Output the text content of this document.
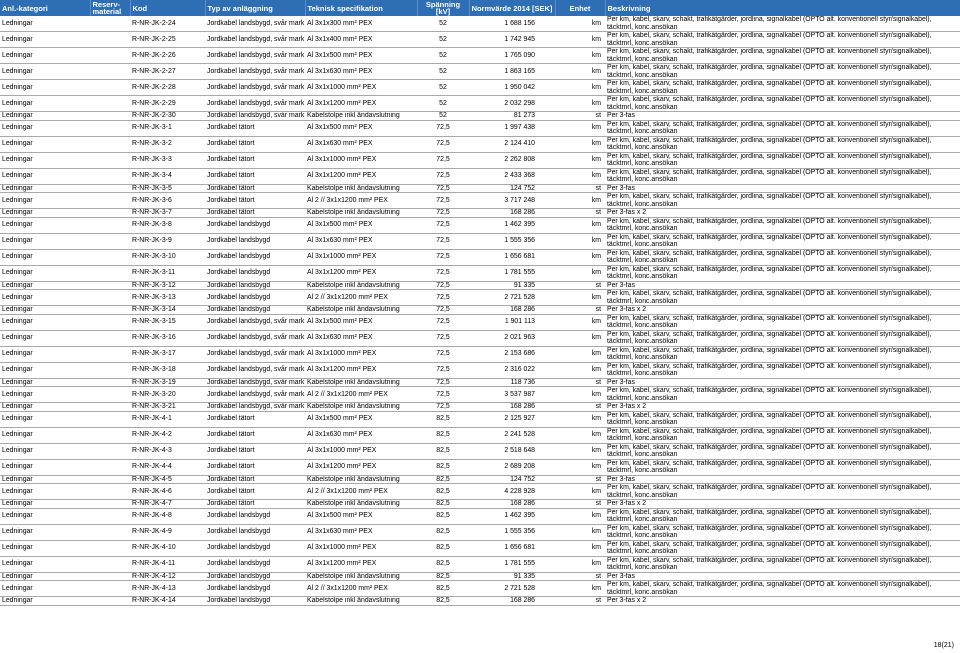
Anl.-kategori	Reserv-
material	Kod	Typ av anläggning	Teknisk specifikation	Spänning [kV]	Normvärde 2014 [SEK]	Enhet	Beskrivning
Ledningar		R-NR-JK-2-24	Jordkabel landsbygd, svår mark	Al 3x1x300 mm² PEX	52	1 688 156	km	Per km, kabel, skarv, schakt, trafikåtgärder, jordlina, signalkabel (OPTO alt. konventionell styr/signalkabel), täcktmrl, konc.ansökan
Ledningar		R-NR-JK-2-25	Jordkabel landsbygd, svår mark	Al 3x1x400 mm² PEX	52	1 742 945	km	Per km, kabel, skarv, schakt, trafikåtgärder, jordlina, signalkabel (OPTO alt. konventionell styr/signalkabel), täcktmrl, konc.ansökan
Ledningar		R-NR-JK-2-26	Jordkabel landsbygd, svår mark	Al 3x1x500 mm² PEX	52	1 765 090	km	Per km, kabel, skarv, schakt, trafikåtgärder, jordlina, signalkabel (OPTO alt. konventionell styr/signalkabel), täcktmrl, konc.ansökan
Ledningar		R-NR-JK-2-27	Jordkabel landsbygd, svår mark	Al 3x1x630 mm² PEX	52	1 863 165	km	Per km, kabel, skarv, schakt, trafikåtgärder, jordlina, signalkabel (OPTO alt. konventionell styr/signalkabel), täcktmrl, konc.ansökan
Ledningar		R-NR-JK-2-28	Jordkabel landsbygd, svår mark	Al 3x1x1000 mm² PEX	52	1 950 042	km	Per km, kabel, skarv, schakt, trafikåtgärder, jordlina, signalkabel (OPTO alt. konventionell styr/signalkabel), täcktmrl, konc.ansökan
Ledningar		R-NR-JK-2-29	Jordkabel landsbygd, svår mark	Al 3x1x1200 mm² PEX	52	2 032 298	km	Per km, kabel, skarv, schakt, trafikåtgärder, jordlina, signalkabel (OPTO alt. konventionell styr/signalkabel), täcktmrl, konc.ansökan
Ledningar		R-NR-JK-2-30	Jordkabel landsbygd, svår mark	Kabelstolpe inkl ändavslutning	52	81 273	st	Per 3-fas
Ledningar		R-NR-JK-3-1	Jordkabel tätort	Al 3x1x500 mm² PEX	72,5	1 997 438	km	Per km, kabel, skarv, schakt, trafikåtgärder, jordlina, signalkabel (OPTO alt. konventionell styr/signalkabel), täcktmrl, konc.ansökan
Ledningar		R-NR-JK-3-2	Jordkabel tätort	Al 3x1x630 mm² PEX	72,5	2 124 410	km	Per km, kabel, skarv, schakt, trafikåtgärder, jordlina, signalkabel (OPTO alt. konventionell styr/signalkabel), täcktmrl, konc.ansökan
Ledningar		R-NR-JK-3-3	Jordkabel tätort	Al 3x1x1000 mm² PEX	72,5	2 262 808	km	Per km, kabel, skarv, schakt, trafikåtgärder, jordlina, signalkabel (OPTO alt. konventionell styr/signalkabel), täcktmrl, konc.ansökan
Ledningar		R-NR-JK-3-4	Jordkabel tätort	Al 3x1x1200 mm² PEX	72,5	2 433 368	km	Per km, kabel, skarv, schakt, trafikåtgärder, jordlina, signalkabel (OPTO alt. konventionell styr/signalkabel), täcktmrl, konc.ansökan
Ledningar		R-NR-JK-3-5	Jordkabel tätort	Kabelstolpe inkl ändavslutning	72,5	124 752	st	Per 3-fas
Ledningar		R-NR-JK-3-6	Jordkabel tätort	Al 2 // 3x1x1200 mm² PEX	72,5	3 717 248	km	Per km, kabel, skarv, schakt, trafikåtgärder, jordlina, signalkabel (OPTO alt. konventionell styr/signalkabel), täcktmrl, konc.ansökan
Ledningar		R-NR-JK-3-7	Jordkabel tätort	Kabelstolpe inkl ändavslutning	72,5	168 286	st	Per 3-fas x 2
Ledningar		R-NR-JK-3-8	Jordkabel landsbygd	Al 3x1x500 mm² PEX	72,5	1 462 395	km	Per km, kabel, skarv, schakt, trafikåtgärder, jordlina, signalkabel (OPTO alt. konventionell styr/signalkabel), täcktmrl, konc.ansökan
Ledningar		R-NR-JK-3-9	Jordkabel landsbygd	Al 3x1x630 mm² PEX	72,5	1 555 356	km	Per km, kabel, skarv, schakt, trafikåtgärder, jordlina, signalkabel (OPTO alt. konventionell styr/signalkabel), täcktmrl, konc.ansökan
Ledningar		R-NR-JK-3-10	Jordkabel landsbygd	Al 3x1x1000 mm² PEX	72,5	1 656 681	km	Per km, kabel, skarv, schakt, trafikåtgärder, jordlina, signalkabel (OPTO alt. konventionell styr/signalkabel), täcktmrl, konc.ansökan
Ledningar		R-NR-JK-3-11	Jordkabel landsbygd	Al 3x1x1200 mm² PEX	72,5	1 781 555	km	Per km, kabel, skarv, schakt, trafikåtgärder, jordlina, signalkabel (OPTO alt. konventionell styr/signalkabel), täcktmrl, konc.ansökan
Ledningar		R-NR-JK-3-12	Jordkabel landsbygd	Kabelstolpe inkl ändavslutning	72,5	91 335	st	Per 3-fas
Ledningar		R-NR-JK-3-13	Jordkabel landsbygd	Al 2 // 3x1x1200 mm² PEX	72,5	2 721 528	km	Per km, kabel, skarv, schakt, trafikåtgärder, jordlina, signalkabel (OPTO alt. konventionell styr/signalkabel), täcktmrl, konc.ansökan
Ledningar		R-NR-JK-3-14	Jordkabel landsbygd	Kabelstolpe inkl ändavslutning	72,5	168 286	st	Per 3-fas x 2
Ledningar		R-NR-JK-3-15	Jordkabel landsbygd, svår mark	Al 3x1x500 mm² PEX	72,5	1 901 113	km	Per km, kabel, skarv, schakt, trafikåtgärder, jordlina, signalkabel (OPTO alt. konventionell styr/signalkabel), täcktmrl, konc.ansökan
Ledningar		R-NR-JK-3-16	Jordkabel landsbygd, svår mark	Al 3x1x630 mm² PEX	72,5	2 021 963	km	Per km, kabel, skarv, schakt, trafikåtgärder, jordlina, signalkabel (OPTO alt. konventionell styr/signalkabel), täcktmrl, konc.ansökan
Ledningar		R-NR-JK-3-17	Jordkabel landsbygd, svår mark	Al 3x1x1000 mm² PEX	72,5	2 153 686	km	Per km, kabel, skarv, schakt, trafikåtgärder, jordlina, signalkabel (OPTO alt. konventionell styr/signalkabel), täcktmrl, konc.ansökan
Ledningar		R-NR-JK-3-18	Jordkabel landsbygd, svår mark	Al 3x1x1200 mm² PEX	72,5	2 316 022	km	Per km, kabel, skarv, schakt, trafikåtgärder, jordlina, signalkabel (OPTO alt. konventionell styr/signalkabel), täcktmrl, konc.ansökan
Ledningar		R-NR-JK-3-19	Jordkabel landsbygd, svår mark	Kabelstolpe inkl ändavslutning	72,5	118 736	st	Per 3-fas
Ledningar		R-NR-JK-3-20	Jordkabel landsbygd, svår mark	Al 2 // 3x1x1200 mm² PEX	72,5	3 537 987	km	Per km, kabel, skarv, schakt, trafikåtgärder, jordlina, signalkabel (OPTO alt. konventionell styr/signalkabel), täcktmrl, konc.ansökan
Ledningar		R-NR-JK-3-21	Jordkabel landsbygd, svår mark	Kabelstolpe inkl ändavslutning	72,5	168 286	st	Per 3-fas x 2
Ledningar		R-NR-JK-4-1	Jordkabel tätort	Al 3x1x500 mm² PEX	82,5	2 125 927	km	Per km, kabel, skarv, schakt, trafikåtgärder, jordlina, signalkabel (OPTO alt. konventionell styr/signalkabel), täcktmrl, konc.ansökan
Ledningar		R-NR-JK-4-2	Jordkabel tätort	Al 3x1x630 mm² PEX	82,5	2 241 528	km	Per km, kabel, skarv, schakt, trafikåtgärder, jordlina, signalkabel (OPTO alt. konventionell styr/signalkabel), täcktmrl, konc.ansökan
Ledningar		R-NR-JK-4-3	Jordkabel tätort	Al 3x1x1000 mm² PEX	82,5	2 518 648	km	Per km, kabel, skarv, schakt, trafikåtgärder, jordlina, signalkabel (OPTO alt. konventionell styr/signalkabel), täcktmrl, konc.ansökan
Ledningar		R-NR-JK-4-4	Jordkabel tätort	Al 3x1x1200 mm² PEX	82,5	2 689 208	km	Per km, kabel, skarv, schakt, trafikåtgärder, jordlina, signalkabel (OPTO alt. konventionell styr/signalkabel), täcktmrl, konc.ansökan
Ledningar		R-NR-JK-4-5	Jordkabel tätort	Kabelstolpe inkl ändavslutning	82,5	124 752	st	Per 3-fas
Ledningar		R-NR-JK-4-6	Jordkabel tätort	Al 2 // 3x1x1200 mm² PEX	82,5	4 228 928	km	Per km, kabel, skarv, schakt, trafikåtgärder, jordlina, signalkabel (OPTO alt. konventionell styr/signalkabel), täcktmrl, konc.ansökan
Ledningar		R-NR-JK-4-7	Jordkabel tätort	Kabelstolpe inkl ändavslutning	82,5	168 286	st	Per 3-fas x 2
Ledningar		R-NR-JK-4-8	Jordkabel landsbygd	Al 3x1x500 mm² PEX	82,5	1 462 395	km	Per km, kabel, skarv, schakt, trafikåtgärder, jordlina, signalkabel (OPTO alt. konventionell styr/signalkabel), täcktmrl, konc.ansökan
Ledningar		R-NR-JK-4-9	Jordkabel landsbygd	Al 3x1x630 mm² PEX	82,5	1 555 356	km	Per km, kabel, skarv, schakt, trafikåtgärder, jordlina, signalkabel (OPTO alt. konventionell styr/signalkabel), täcktmrl, konc.ansökan
Ledningar		R-NR-JK-4-10	Jordkabel landsbygd	Al 3x1x1000 mm² PEX	82,5	1 656 681	km	Per km, kabel, skarv, schakt, trafikåtgärder, jordlina, signalkabel (OPTO alt. konventionell styr/signalkabel), täcktmrl, konc.ansökan
Ledningar		R-NR-JK-4-11	Jordkabel landsbygd	Al 3x1x1200 mm² PEX	82,5	1 781 555	km	Per km, kabel, skarv, schakt, trafikåtgärder, jordlina, signalkabel (OPTO alt. konventionell styr/signalkabel), täcktmrl, konc.ansökan
Ledningar		R-NR-JK-4-12	Jordkabel landsbygd	Kabelstolpe inkl ändavslutning	82,5	91 335	st	Per 3-fas
Ledningar		R-NR-JK-4-13	Jordkabel landsbygd	Al 2 // 3x1x1200 mm² PEX	82,5	2 721 528	km	Per km, kabel, skarv, schakt, trafikåtgärder, jordlina, signalkabel (OPTO alt. konventionell styr/signalkabel), täcktmrl, konc.ansökan
Ledningar		R-NR-JK-4-14	Jordkabel landsbygd	Kabelstolpe inkl ändavslutning	82,5	168 286	st	Per 3-fas x 2
18(21)
